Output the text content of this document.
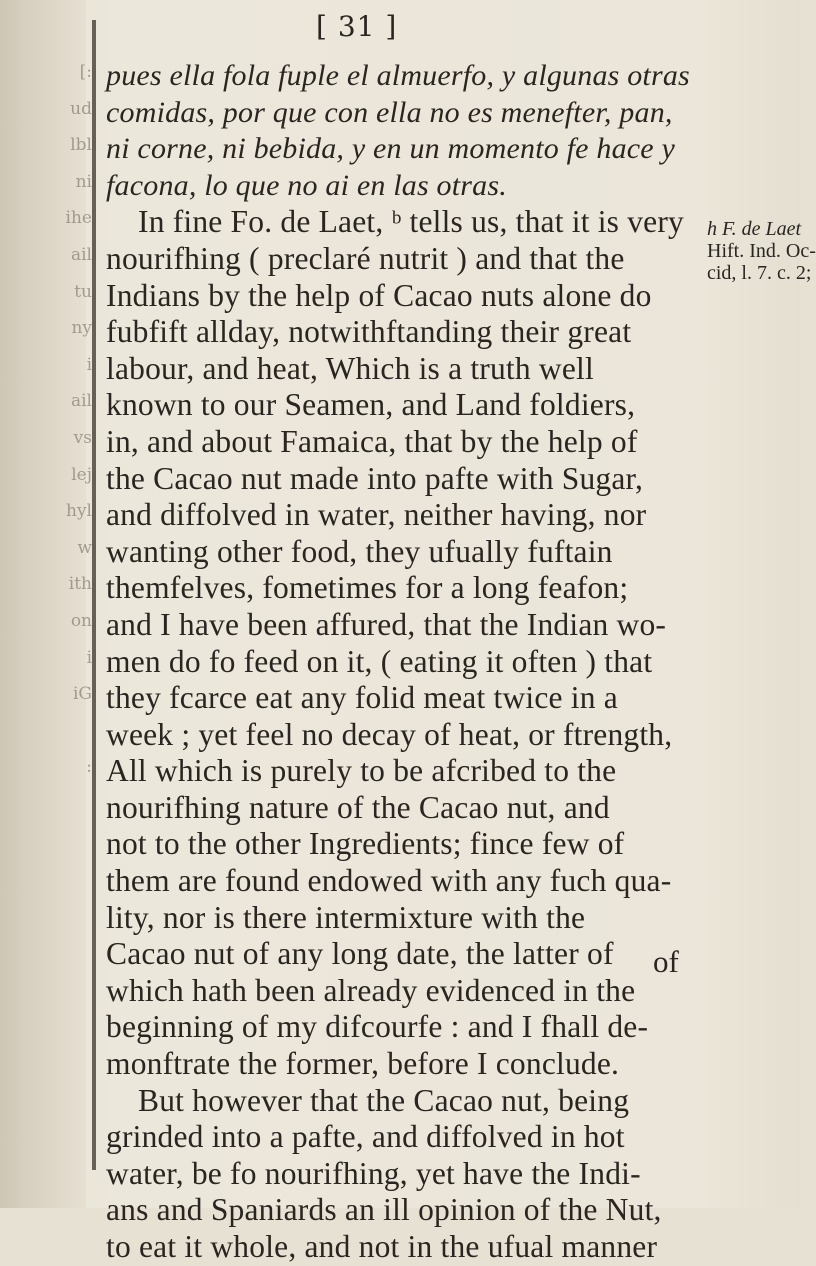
:]
ud
lbl
ni
ihe
ail
tu
ny
i
ail
vs
lej
hyl
w
ith
on
i
iG
:
[ 31 ]
pues ella fola fuple el almuerfo, y algunas otras
comidas, por que con ella no es menefter, pan,
ni corne, ni bebida, y en un momento fe hace y
facona, lo que no ai en las otras.
In fine Fo. de Laet, ᵇ tells us, that it is very
nourifhing ( preclaré nutrit ) and that the
Indians by the help of Cacao nuts alone do
fubfift allday, notwithftanding their great
labour, and heat, Which is a truth well
known to our Seamen, and Land foldiers,
in, and about Famaica, that by the help of
the Cacao nut made into pafte with Sugar,
and diffolved in water, neither having, nor
wanting other food, they ufually fuftain
themfelves, fometimes for a long feafon;
and I have been affured, that the Indian wo-
men do fo feed on it, ( eating it often ) that
they fcarce eat any folid meat twice in a
week ; yet feel no decay of heat, or ftrength,
All which is purely to be afcribed to the
nourifhing nature of the Cacao nut, and
not to the other Ingredients; fince few of
them are found endowed with any fuch qua-
lity, nor is there intermixture with the
Cacao nut of any long date, the latter of
which hath been already evidenced in the
beginning of my difcourfe : and I fhall de-
monftrate the former, before I conclude.
But however that the Cacao nut, being
grinded into a pafte, and diffolved in hot
water, be fo nourifhing, yet have the Indi-
ans and Spaniards an ill opinion of the Nut,
to eat it whole, and not in the ufual manner
h F. de Laet
Hift. Ind. Oc-
cid, l. 7. c. 2;
of
